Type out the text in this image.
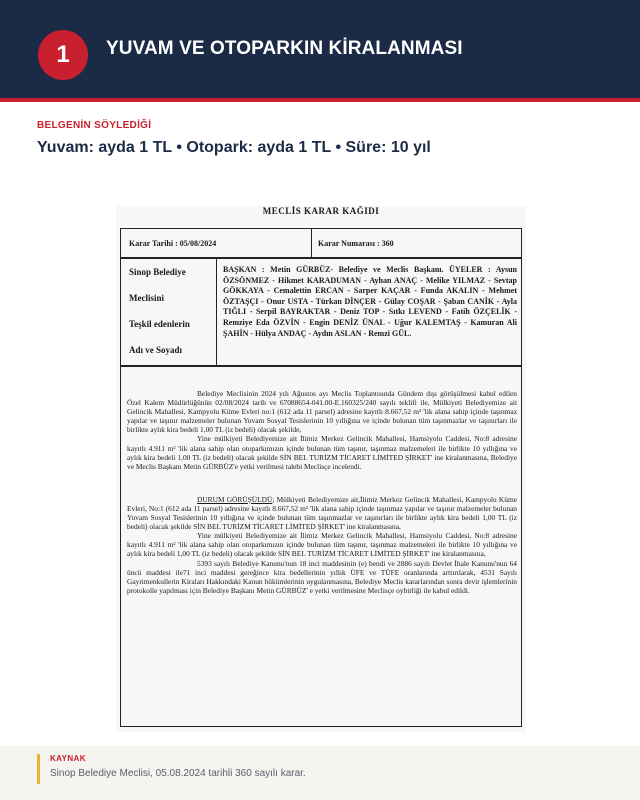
1	YUVAM VE OTOPARKIN KİRALANMASI
BELGENİN SÖYLEDİĞİ
Yuvam: ayda 1 TL • Otopark: ayda 1 TL • Süre: 10 yıl
MECLİS KARAR KAĞIDI
Karar Tarihi : 05/08/2024	Karar Numarası : 360
Sinop Belediye
Meclisini
Teşkil edenlerin
Adı ve Soyadı
BAŞKAN : Metin GÜRBÜZ- Belediye ve Meclis Başkanı. ÜYELER : Aysun ÖZSÖNMEZ - Hikmet KARADUMAN - Ayhan ANAÇ - Melike YILMAZ - Sevtap GÖKKAYA - Cemalettin ERCAN - Sarper KAÇAR - Funda AKALIN - Mehmet ÖZTAŞÇI - Onur USTA - Türkan DİNÇER - Gülay COŞAR - Şaban CANİK - Ayla TIĞLI - Serpil BAYRAKTAR - Deniz TOP - Sıtkı LEVEND - Fatih ÖZÇELİK - Remziye Eda ÖZVİN - Engin DENİZ ÜNAL - Uğur KALEMTAŞ - Kamuran Ali ŞAHİN - Hülya ANDAÇ - Aydın ASLAN - Remzi GÜL.

Belediye Meclisinin 2024 yılı Ağustos ayı Meclis Toplantısında Gündem dışı görüşülmesi kabul edilen Özel Kalem Müdürlüğünün 02/08/2024 tarih ve 67088654-041.00-E.160325/240 sayılı teklifi ile, Mülkiyeti Belediyemize ait Gelincik Mahallesi, Kampyolu Küme Evleri no:1 (612 ada 11 parsel) adresine kayıtlı 8.667,52 m² 'lik alana sahip içinde taşınmaz yapılar ve taşınır malzemeler bulunan Yuvam Sosyal Tesislerinin 10 yıllığına ve içinde bulunan tüm taşınmazlar ve taşınırları ile birlikte aylık kira bedeli 1,00 TL (iz bedeli) olacak şekilde,

Yine mülkiyeti Belediyemize ait İlimiz Merkez Gelincik Mahallesi, Hamsiyolu Caddesi, No:8 adresine kayıtlı 4.911 m² 'lik alana sahip olan otoparkımızın içinde bulunan tüm taşınır, taşınmaz malzemeleri ile birlikte 10 yıllığına ve aylık kira bedeli 1,00 TL (iz bedeli) olacak şekilde SİN BEL TURİZM TİCARET LİMİTED ŞİRKET' ine kiralanmasına, Belediye ve Meclis Başkanı Metin GÜRBÜZ'e yetki verilmesi talebi Meclisçe incelendi.

DURUM GÖRÜŞÜLDÜ; Mülkiyeti Belediyemize ait,İlimiz Merkez Gelincik Mahallesi, Kampyolu Küme Evleri, No:1 (612 ada 11 parsel) adresine kayıtlı 8.667,52 m² 'lik alana sahip içinde taşınmaz yapılar ve taşınır malzemeler bulunan Yuvam Sosyal Tesislerinin 10 yıllığına ve içinde bulunan tüm taşınmazlar ve taşınırları ile birlikte aylık kira bedeli 1,00 TL (iz bedeli) olacak şekilde SİN BEL TURİZM TİCARET LİMİTED ŞİRKET' ine kiralanmasına,

Yine mülkiyeti Belediyemize ait İlimiz Merkez Gelincik Mahallesi, Hamsiyolu Caddesi, No:8 adresine kayıtlı 4.911 m² 'lik alana sahip olan otoparkımızın içinde bulunan tüm taşınır, taşınmaz malzemeleri ile birlikte 10 yıllığına ve aylık kira bedeli 1,00 TL (iz bedeli) olacak şekilde SİN BEL TURİZM TİCARET LİMİTED ŞİRKET' ine kiralanmasına,

5393 sayılı Belediye Kanunu'nun 18 inci maddesinin (e) bendi ve 2886 sayılı Devlet İhale Kanunu'nun 64 üncü maddesi ile71 inci maddesi gereğince kira bedellerinin yıllık ÜFE ve TÜFE oranlarında arttırılarak, 4531 Sayılı Gayrimenkullerin Kiraları Hakkındaki Kanun hükümlerinin uygulanmasına, Belediye Meclis kararlarından sonra devir işlemlerinin protokolle yapılması için Belediye Başkanı Metin GÜRBÜZ' e yetki verilmesine Meclisçe oybirliği ile kabul edildi.

KAYNAK
Sinop Belediye Meclisi, 05.08.2024 tarihli 360 sayılı karar.
